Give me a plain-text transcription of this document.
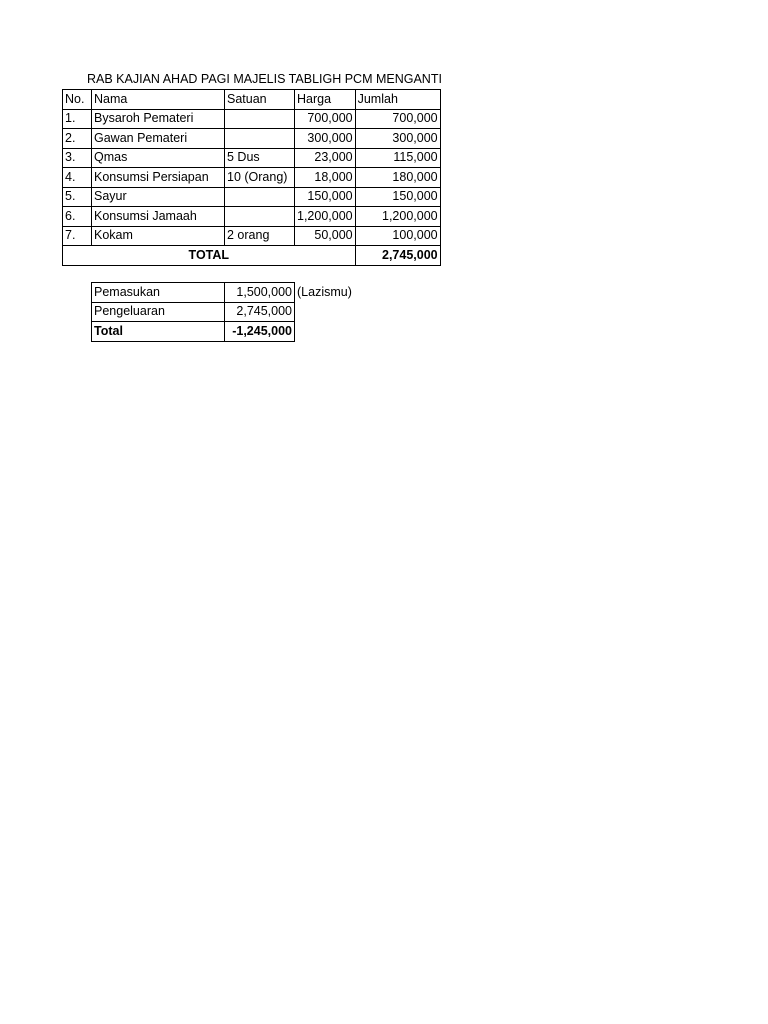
RAB KAJIAN AHAD PAGI MAJELIS TABLIGH PCM MENGANTI
No.	Nama	Satuan	Harga	Jumlah
1.	Bysaroh Pemateri		700,000	700,000
2.	Gawan Pemateri		300,000	300,000
3.	Qmas	5 Dus	23,000	115,000
4.	Konsumsi Persiapan	10 (Orang)	18,000	180,000
5.	Sayur		150,000	150,000
6.	Konsumsi Jamaah		1,200,000	1,200,000
7.	Kokam	2 orang	50,000	100,000
TOTAL				2,745,000
Pemasukan	1,500,000
Pengeluaran	2,745,000
Total	-1,245,000
(Lazismu)
